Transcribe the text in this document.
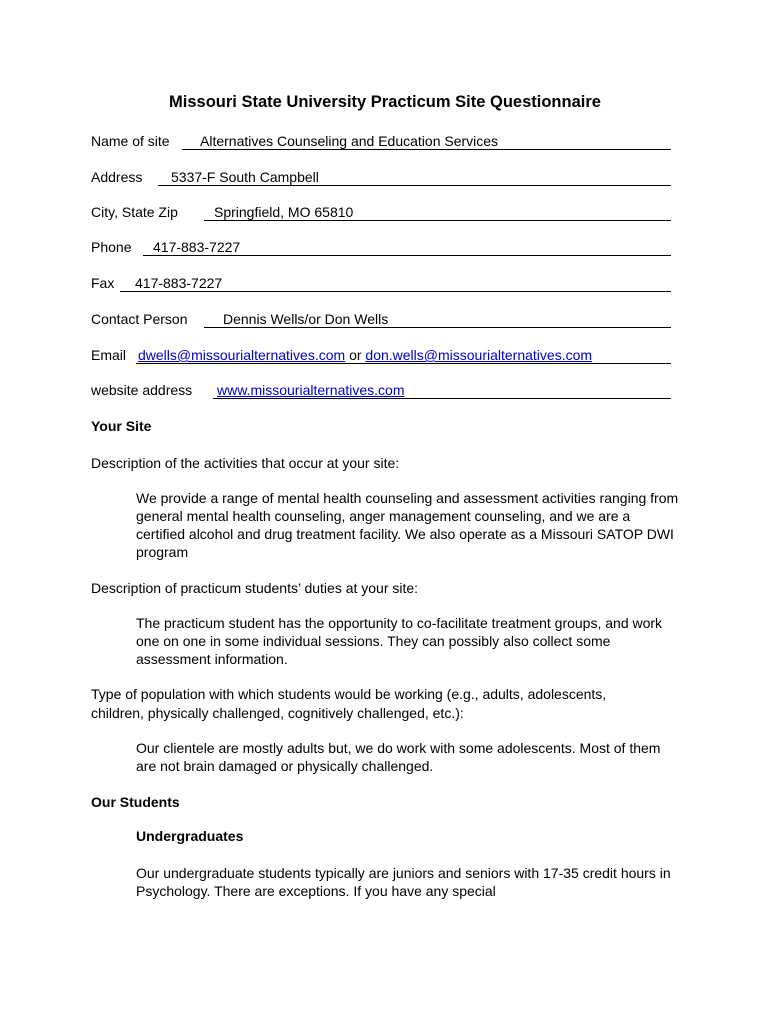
Missouri State University Practicum Site Questionnaire
Name of site	Alternatives Counseling and Education Services
Address	5337-F South Campbell
City, State Zip	Springfield, MO 65810
Phone	417-883-7227
Fax	417-883-7227
Contact Person	Dennis Wells/or Don Wells
Email dwells@missourialternatives.com or don.wells@missourialternatives.com
website address www.missourialternatives.com
Your Site

Description of the activities that occur at your site:

We provide a range of mental health counseling and assessment activities ranging from general mental health counseling, anger management counseling, and we are a certified alcohol and drug treatment facility. We also operate as a Missouri SATOP DWI program

Description of practicum students’ duties at your site:

The practicum student has the opportunity to co-facilitate treatment groups, and work one on one in some individual sessions. They can possibly also collect some assessment information.

Type of population with which students would be working (e.g., adults, adolescents, children, physically challenged, cognitively challenged, etc.):

Our clientele are mostly adults but, we do work with some adolescents. Most of them are not brain damaged or physically challenged.

Our Students
Undergraduates

Our undergraduate students typically are juniors and seniors with 17-35 credit hours in Psychology. There are exceptions. If you have any special
